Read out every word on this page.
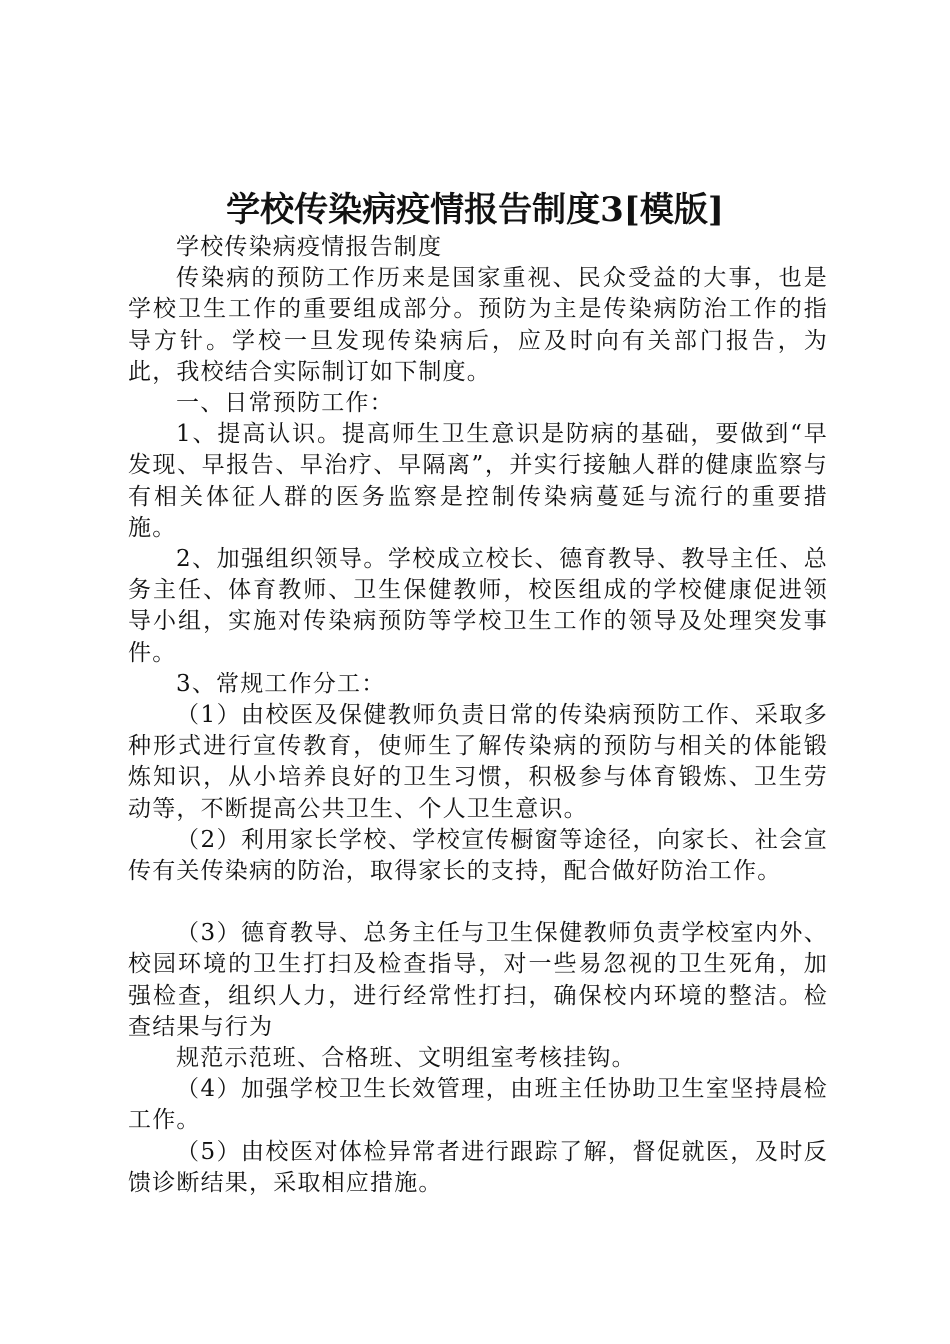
学校传染病疫情报告制度3[模版]

学校传染病疫情报告制度

传染病的预防工作历来是国家重视、民众受益的大事，也是学校卫生工作的重要组成部分。预防为主是传染病防治工作的指导方针。学校一旦发现传染病后，应及时向有关部门报告，为此，我校结合实际制订如下制度。

一、日常预防工作：

1、提高认识。提高师生卫生意识是防病的基础，要做到“早发现、早报告、早治疗、早隔离”，并实行接触人群的健康监察与有相关体征人群的医务监察是控制传染病蔓延与流行的重要措施。

2、加强组织领导。学校成立校长、德育教导、教导主任、总务主任、体育教师、卫生保健教师，校医组成的学校健康促进领导小组，实施对传染病预防等学校卫生工作的领导及处理突发事件。

3、常规工作分工：

（1）由校医及保健教师负责日常的传染病预防工作、采取多种形式进行宣传教育，使师生了解传染病的预防与相关的体能锻炼知识，从小培养良好的卫生习惯，积极参与体育锻炼、卫生劳动等，不断提高公共卫生、个人卫生意识。

（2）利用家长学校、学校宣传橱窗等途径，向家长、社会宣传有关传染病的防治，取得家长的支持，配合做好防治工作。

（3）德育教导、总务主任与卫生保健教师负责学校室内外、校园环境的卫生打扫及检查指导，对一些易忽视的卫生死角，加强检查，组织人力，进行经常性打扫，确保校内环境的整洁。检查结果与行为

规范示范班、合格班、文明组室考核挂钩。

（4）加强学校卫生长效管理，由班主任协助卫生室坚持晨检工作。

（5）由校医对体检异常者进行跟踪了解，督促就医，及时反馈诊断结果，采取相应措施。
